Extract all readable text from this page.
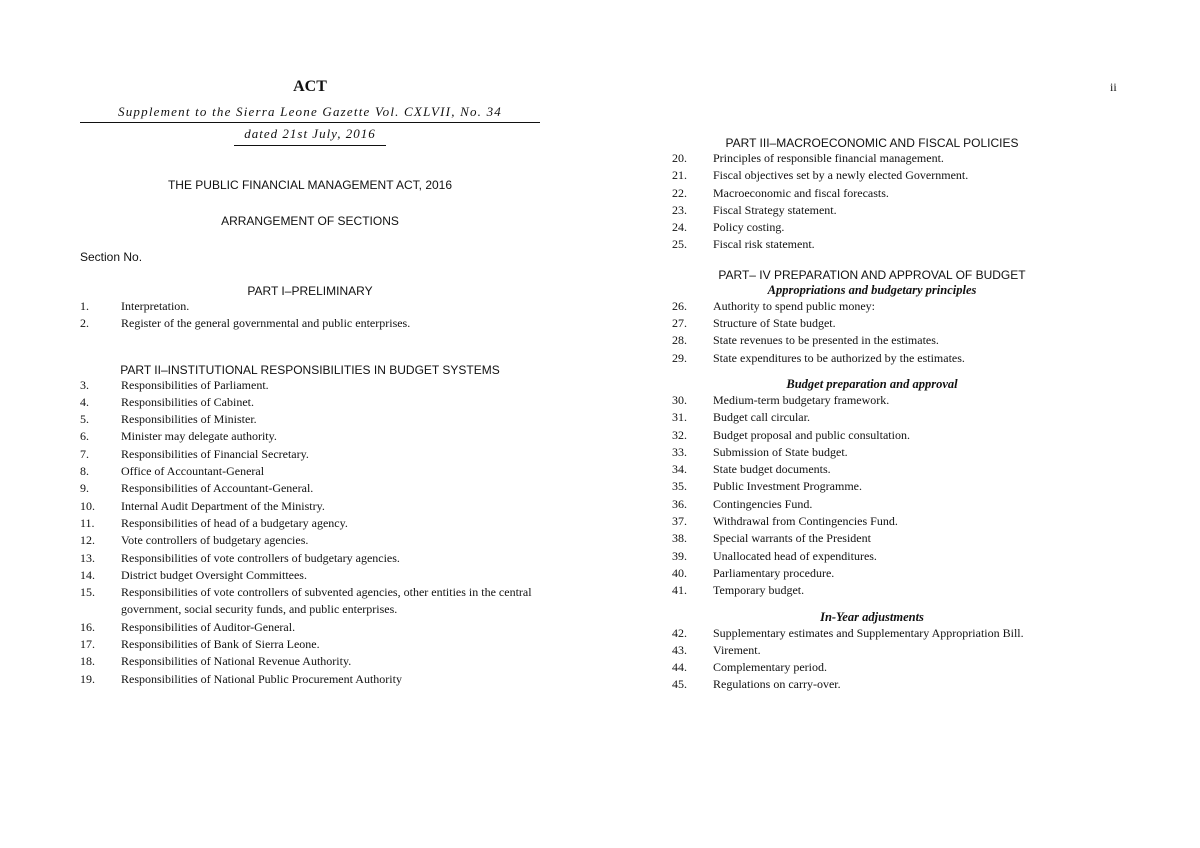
ii
ACT
Supplement to the Sierra Leone Gazette Vol. CXLVII, No. 34
dated 21st July, 2016
THE PUBLIC FINANCIAL MANAGEMENT ACT, 2016
ARRANGEMENT OF SECTIONS
Section No.
PART I–PRELIMINARY
1.	Interpretation.
2.	Register of the general governmental and public enterprises.
PART II–INSTITUTIONAL RESPONSIBILITIES IN BUDGET SYSTEMS
3.	Responsibilities of Parliament.
4.	Responsibilities of Cabinet.
5.	Responsibilities of Minister.
6.	Minister may delegate authority.
7.	Responsibilities of Financial Secretary.
8.	Office of Accountant-General
9.	Responsibilities of Accountant-General.
10.	Internal Audit Department of the Ministry.
11.	Responsibilities of head of a budgetary agency.
12.	Vote controllers of budgetary agencies.
13.	Responsibilities of vote controllers of budgetary agencies.
14.	District budget Oversight Committees.
15.	Responsibilities of vote controllers of subvented agencies, other entities in the central government, social security funds, and public enterprises.
16.	Responsibilities of Auditor-General.
17.	Responsibilities of Bank of Sierra Leone.
18.	Responsibilities of National Revenue Authority.
19.	Responsibilities of National Public Procurement Authority
PART III–MACROECONOMIC AND FISCAL POLICIES
20.	Principles of responsible financial management.
21.	Fiscal objectives set by a newly elected Government.
22.	Macroeconomic and fiscal forecasts.
23.	Fiscal Strategy statement.
24.	Policy costing.
25.	Fiscal risk statement.
PART– IV PREPARATION AND APPROVAL OF BUDGET
Appropriations and budgetary principles
26.	Authority to spend public money:
27.	Structure of State budget.
28.	State revenues to be presented in the estimates.
29.	State expenditures to be authorized by the estimates.
Budget preparation and approval
30.	Medium-term budgetary framework.
31.	Budget call circular.
32.	Budget proposal and public consultation.
33.	Submission of State budget.
34.	State budget documents.
35.	Public Investment Programme.
36.	Contingencies Fund.
37.	Withdrawal from Contingencies Fund.
38.	Special warrants of the President
39.	Unallocated head of expenditures.
40.	Parliamentary procedure.
41.	Temporary budget.
In-Year adjustments
42.	Supplementary estimates and Supplementary Appropriation Bill.
43.	Virement.
44.	Complementary period.
45.	Regulations on carry-over.
